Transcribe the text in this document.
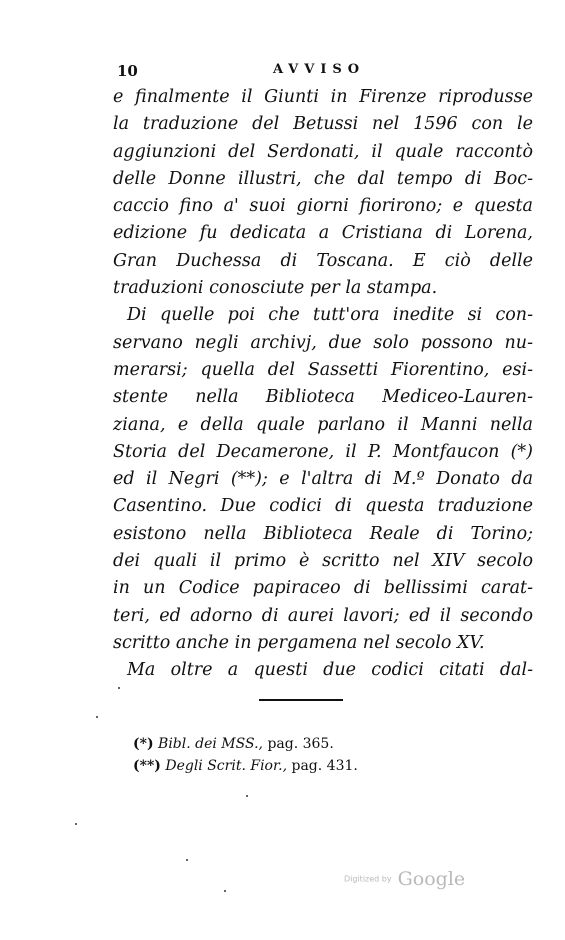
10	AVVISO
e finalmente il Giunti in Firenze riprodusse
la traduzione del Betussi nel 1596 con le
aggiunzioni del Serdonati, il quale raccontò
delle Donne illustri, che dal tempo di Boc-
caccio fino a' suoi giorni fiorirono; e questa
edizione fu dedicata a Cristiana di Lorena,
Gran Duchessa di Toscana. E ciò delle
traduzioni conosciute per la stampa.
Di quelle poi che tutt'ora inedite si con-
servano negli archivj, due solo possono nu-
merarsi; quella del Sassetti Fiorentino, esi-
stente nella Biblioteca Mediceo-Lauren-
ziana, e della quale parlano il Manni nella
Storia del Decamerone, il P. Montfaucon (*)
ed il Negri (**); e l'altra di M.º Donato da
Casentino. Due codici di questa traduzione
esistono nella Biblioteca Reale di Torino;
dei quali il primo è scritto nel XIV secolo
in un Codice papiraceo di bellissimi carat-
teri, ed adorno di aurei lavori; ed il secondo
scritto anche in pergamena nel secolo XV.
Ma oltre a questi due codici citati dal-
(*) Bibl. dei MSS., pag. 365.
(**) Degli Scrit. Fior., pag. 431.
Digitized by Google
